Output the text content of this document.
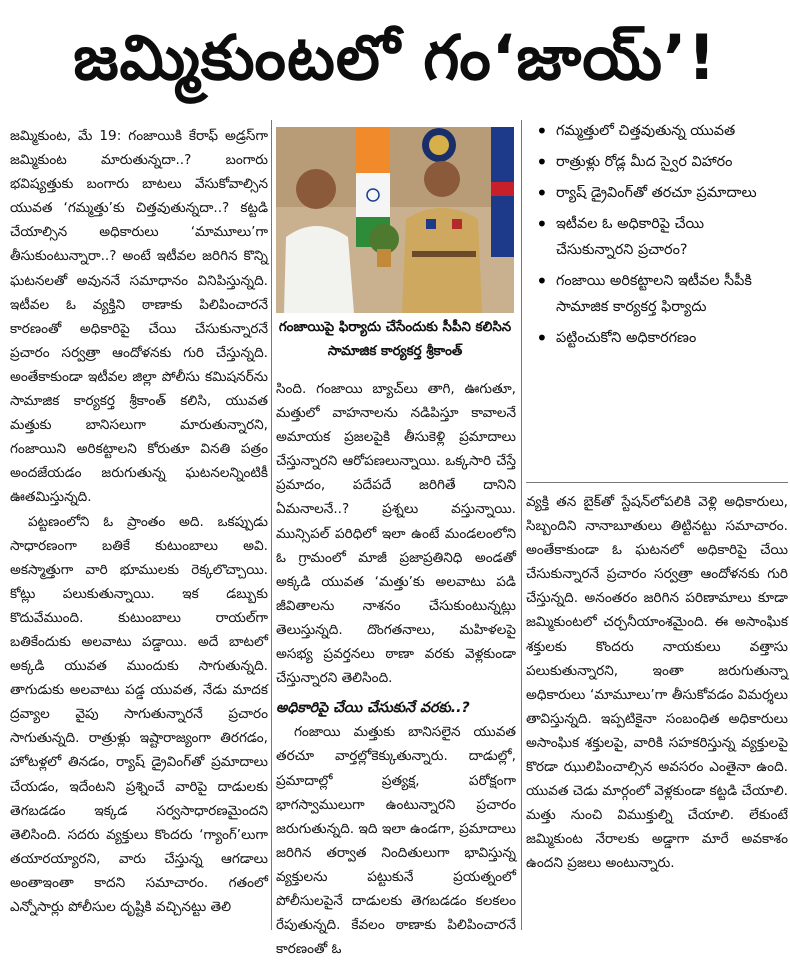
జమ్మికుంటలో గం‘జాయ్’!

జమ్మికుంట, మే 19: గంజాయికి కేరాఫ్ అడ్రస్‌గా జమ్మికుంట మారుతున్నదా..? బంగారు భవిష్యత్తుకు బంగారు బాటలు వేసుకోవాల్సిన యువత ‘గమ్మత్తు’కు చిత్తవుతున్నదా..? కట్టడి చేయాల్సిన అధికారులు ‘మామూలు’గా తీసుకుంటున్నారా..? అంటే ఇటీవల జరిగిన కొన్ని ఘటనలతో అవుననే సమాధానం వినిపిస్తున్నది. ఇటీవల ఓ వ్యక్తిని ఠాణాకు పిలిపించారనే కారణంతో అధికారిపై చేయి చేసుకున్నారనే ప్రచారం సర్వత్రా ఆందోళనకు గురి చేస్తున్నది. అంతేకాకుండా ఇటీవల జిల్లా పోలీసు కమిషనర్‌ను సామాజిక కార్యకర్త శ్రీకాంత్ కలిసి, యువత మత్తుకు బానిసలుగా మారుతున్నారని, గంజాయిని అరికట్టాలని కోరుతూ వినతి పత్రం అందజేయడం జరుగుతున్న ఘటనలన్నింటికీ ఊతమిస్తున్నది.

పట్టణంలోని ఓ ప్రాంతం అది. ఒకప్పుడు సాధారణంగా బతికే కుటుంబాలు అవి. అకస్మాత్తుగా వారి భూములకు రెక్కలొచ్చాయి. కోట్లు పలుకుతున్నాయి. ఇక డబ్బుకు కొదువేముంది. కుటుంబాలు రాయల్‌గా బతికేందుకు అలవాటు పడ్డాయి. అదే బాటలో అక్కడి యువత ముందుకు సాగుతున్నది. తాగుడుకు అలవాటు పడ్డ యువత, నేడు మాదక ద్రవ్యాల వైపు సాగుతున్నారనే ప్రచారం సాగుతున్నది. రాత్రుళ్లు ఇష్టారాజ్యంగా తిరగడం, హోటళ్లలో తినడం, ర్యాష్ డ్రైవింగ్‌తో ప్రమాదాలు చేయడం, ఇదేంటని ప్రశ్నించే వారిపై దాడులకు తెగబడడం ఇక్కడ సర్వసాధారణమైందని తెలిసింది. సదరు వ్యక్తులు కొందరు ‘గ్యాంగ్’లుగా తయారయ్యారని, వారు చేస్తున్న ఆగడాలు అంతాఇంతా కాదని సమాచారం. గతంలో ఎన్నోసార్లు పోలీసుల దృష్టికి వచ్చినట్టు తెలి

గంజాయిపై ఫిర్యాదు చేసేందుకు సీపీని కలిసిన సామాజిక కార్యకర్త శ్రీకాంత్

సింది. గంజాయి బ్యాచ్‌లు తాగి, ఊగుతూ, మత్తులో వాహనాలను నడిపిస్తూ కావాలనే అమాయక ప్రజలపైకి తీసుకెళ్లి ప్రమాదాలు చేస్తున్నారని ఆరోపణలున్నాయి. ఒక్కసారి చేస్తే ప్రమాదం, పదేపదే జరిగితే దానిని ఏమనాలనే..? ప్రశ్నలు వస్తున్నాయి. మున్సిపల్ పరిధిలో ఇలా ఉంటే మండలంలోని ఓ గ్రామంలో మాజీ ప్రజాప్రతినిధి అండతో అక్కడి యువత ‘మత్తు’కు అలవాటు పడి జీవితాలను నాశనం చేసుకుంటున్నట్లు తెలుస్తున్నది. దొంగతనాలు, మహిళలపై అసభ్య ప్రవర్తనలు ఠాణా వరకు వెళ్లకుండా చేస్తున్నారని తెలిసింది.

అధికారిపై చేయి చేసుకునే వరకు..?

గంజాయి మత్తుకు బానిసలైన యువత తరచూ వార్తల్లోకెక్కుతున్నారు. దాడుల్లో, ప్రమాదాల్లో ప్రత్యక్ష, పరోక్షంగా భాగస్వాములుగా ఉంటున్నారని ప్రచారం జరుగుతున్నది. ఇది ఇలా ఉండగా, ప్రమాదాలు జరిగిన తర్వాత నిందితులుగా భావిస్తున్న వ్యక్తులను పట్టుకునే ప్రయత్నంలో పోలీసులపైనే దాడులకు తెగబడడం కలకలం రేపుతున్నది. కేవలం ఠాణాకు పిలిపించారనే కారణంతో ఓ

• గమ్మత్తులో చిత్తవుతున్న యువత
• రాత్రుళ్లు రోడ్ల మీద స్వైర విహారం
• ర్యాష్ డ్రైవింగ్‌తో తరచూ ప్రమాదాలు
• ఇటీవల ఓ అధికారిపై చేయి చేసుకున్నారని ప్రచారం?
• గంజాయి అరికట్టాలని ఇటీవల సీపీకి సామాజిక కార్యకర్త ఫిర్యాదు
• పట్టించుకోని అధికారగణం

వ్యక్తి తన బైక్‌తో స్టేషన్‌లోపలికి వెళ్లి అధికారులు, సిబ్బందిని నానాబూతులు తిట్టినట్టు సమాచారం. అంతేకాకుండా ఓ ఘటనలో అధికారిపై చేయి చేసుకున్నారనే ప్రచారం సర్వత్రా ఆందోళనకు గురి చేస్తున్నది. అనంతరం జరిగిన పరిణామాలు కూడా జమ్మికుంటలో చర్చనీయాంశమైంది. ఈ అసాంఘిక శక్తులకు కొందరు నాయకులు వత్తాసు పలుకుతున్నారని, ఇంతా జరుగుతున్నా అధికారులు ‘మామూలు’గా తీసుకోవడం విమర్శలు తావిస్తున్నది. ఇప్పటికైనా సంబంధిత అధికారులు అసాంఘిక శక్తులపై, వారికి సహకరిస్తున్న వ్యక్తులపై కొరడా ఝులిపించాల్సిన అవసరం ఎంతైనా ఉంది. యువత చెడు మార్గంలో వెళ్లకుండా కట్టడి చేయాలి. మత్తు నుంచి విముక్తుల్ని చేయాలి. లేకుంటే జమ్మికుంట నేరాలకు అడ్డాగా మారే అవకాశం ఉందని ప్రజలు అంటున్నారు.
